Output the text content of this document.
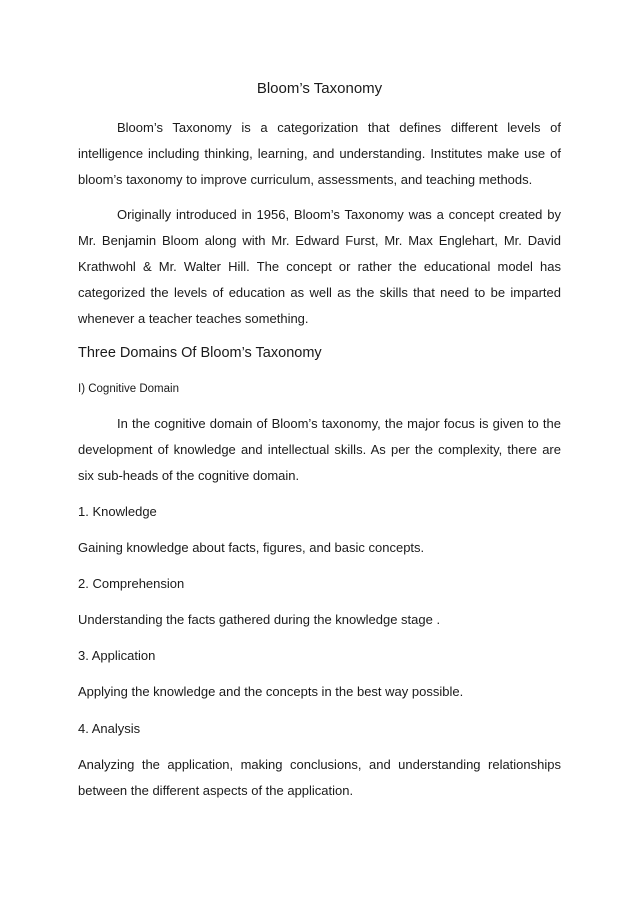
Bloom’s Taxonomy

Bloom’s Taxonomy is a categorization that defines different levels of intelligence including thinking, learning, and understanding. Institutes make use of bloom’s taxonomy to improve curriculum, assessments, and teaching methods.

Originally introduced in 1956, Bloom’s Taxonomy was a concept created by Mr. Benjamin Bloom along with Mr. Edward Furst, Mr. Max Englehart, Mr. David Krathwohl & Mr. Walter Hill. The concept or rather the educational model has categorized the levels of education as well as the skills that need to be imparted whenever a teacher teaches something.

Three Domains Of Bloom’s Taxonomy
I) Cognitive Domain

In the cognitive domain of Bloom’s taxonomy, the major focus is given to the development of knowledge and intellectual skills. As per the complexity, there are six sub-heads of the cognitive domain.

1. Knowledge

Gaining knowledge about facts, figures, and basic concepts.

2. Comprehension

Understanding the facts gathered during the knowledge stage .

3. Application

Applying the knowledge and the concepts in the best way possible.

4. Analysis

Analyzing the application, making conclusions, and understanding relationships between the different aspects of the application.
